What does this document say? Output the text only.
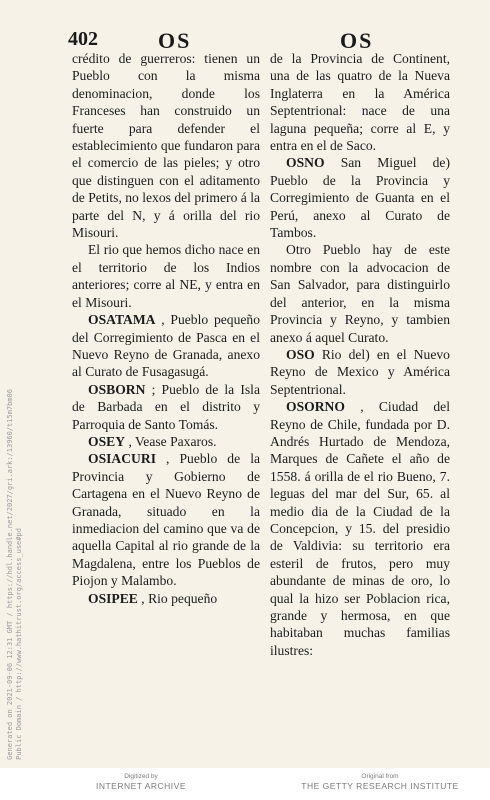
402	OS	OS

crédito de guerreros: tienen un Pueblo con la misma denominacion, donde los Franceses han construido un fuerte para defender el establecimiento que fundaron para el comercio de las pieles; y otro que distinguen con el aditamento de Petits, no lexos del primero á la parte del N, y á orilla del rio Misouri.

El rio que hemos dicho nace en el territorio de los Indios anteriores; corre al NE, y entra en el Misouri.

OSATAMA , Pueblo pequeño del Corregimiento de Pasca en el Nuevo Reyno de Granada, anexo al Curato de Fusagasugá.

OSBORN ; Pueblo de la Isla de Barbada en el distrito y Parroquia de Santo Tomás.

OSEY , Vease Paxaros.

OSIACURI , Pueblo de la Provincia y Gobierno de Cartagena en el Nuevo Reyno de Granada, situado en la inmediacion del camino que va de aquella Capital al rio grande de la Magdalena, entre los Pueblos de Piojon y Malambo.

OSIPEE , Rio pequeño

de la Provincia de Continent, una de las quatro de la Nueva Inglaterra en la América Septentrional: nace de una laguna pequeña; corre al E, y entra en el de Saco.

OSNO San Miguel de) Pueblo de la Provincia y Corregimiento de Guanta en el Perú, anexo al Curato de Tambos.

Otro Pueblo hay de este nombre con la advocacion de San Salvador, para distinguirlo del anterior, en la misma Provincia y Reyno, y tambien anexo á aquel Curato.

OSO Rio del) en el Nuevo Reyno de Mexico y América Septentrional.

OSORNO , Ciudad del Reyno de Chile, fundada por D. Andrés Hurtado de Mendoza, Marques de Cañete el año de 1558. á orilla de el rio Bueno, 7. leguas del mar del Sur, 65. al medio dia de la Ciudad de la Concepcion, y 15. del presidio de Valdivia: su territorio era esteril de frutos, pero muy abundante de minas de oro, lo qual la hizo ser Poblacion rica, grande y hermosa, en que habitaban muchas familias ilustres:

Generated on 2021-09-06 12:31 GMT / https://hdl.handle.net/2027/gri.ark:/13960/t15m7bm06 Public Domain / http://www.hathitrust.org/access_use#pd
Digitized by
INTERNET ARCHIVE
Original from
THE GETTY RESEARCH INSTITUTE
